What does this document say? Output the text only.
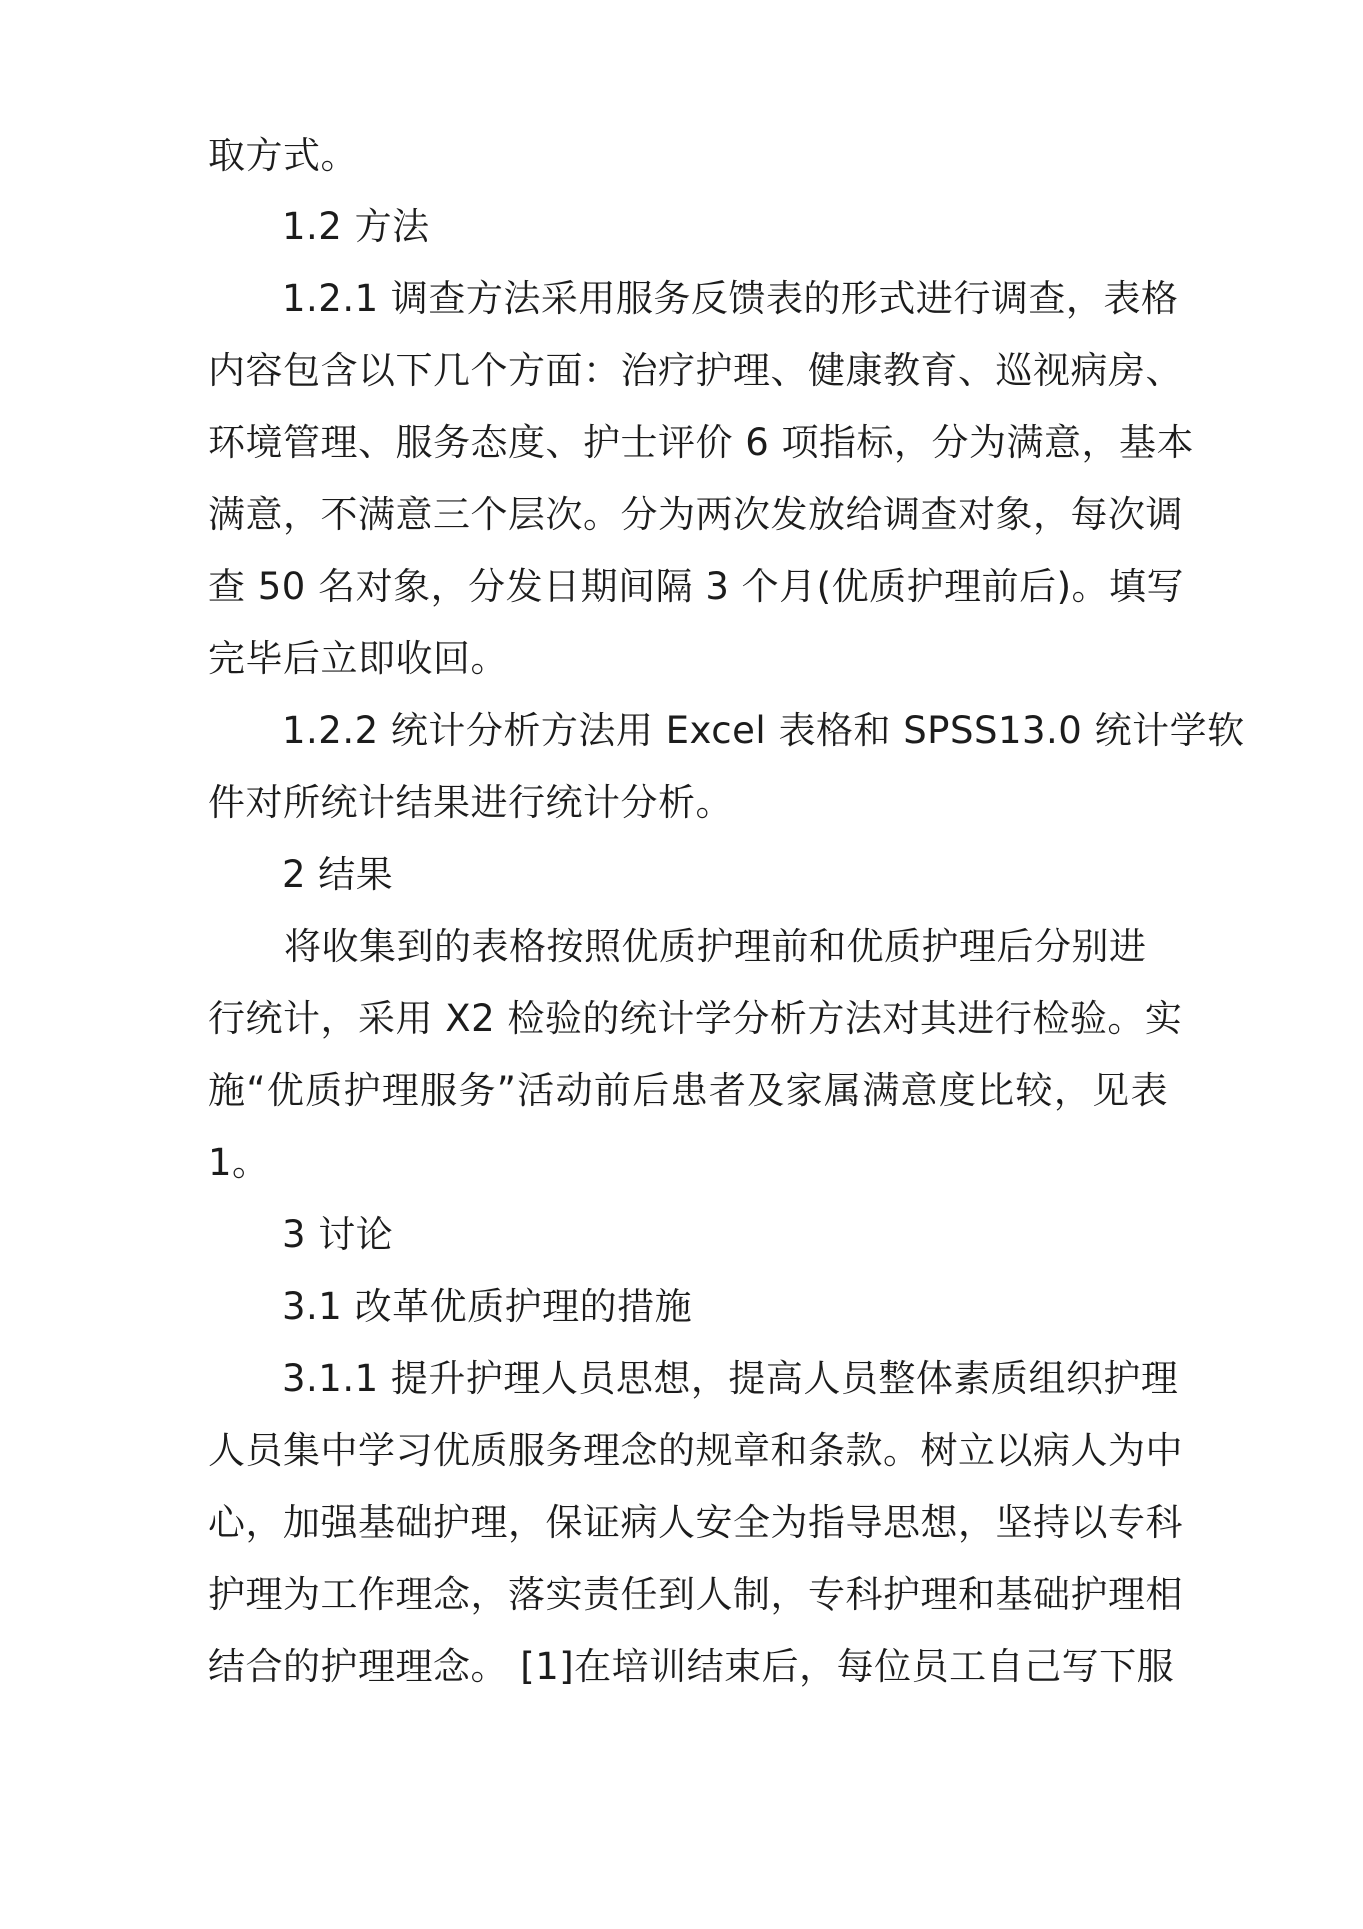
取方式。
1.2 方法
1.2.1 调查方法采用服务反馈表的形式进行调查，表格
内容包含以下几个方面：治疗护理、健康教育、巡视病房、
环境管理、服务态度、护士评价 6 项指标，分为满意，基本
满意，不满意三个层次。分为两次发放给调查对象，每次调
查 50 名对象，分发日期间隔 3 个月(优质护理前后)。填写
完毕后立即收回。
1.2.2 统计分析方法用 Excel 表格和 SPSS13.0 统计学软
件对所统计结果进行统计分析。
2 结果
将收集到的表格按照优质护理前和优质护理后分别进
行统计，采用 X2 检验的统计学分析方法对其进行检验。实
施“优质护理服务”活动前后患者及家属满意度比较，见表
1。
3 讨论
3.1 改革优质护理的措施
3.1.1 提升护理人员思想，提高人员整体素质组织护理
人员集中学习优质服务理念的规章和条款。树立以病人为中
心，加强基础护理，保证病人安全为指导思想，坚持以专科
护理为工作理念，落实责任到人制，专科护理和基础护理相
结合的护理理念。 [1]在培训结束后，每位员工自己写下服
